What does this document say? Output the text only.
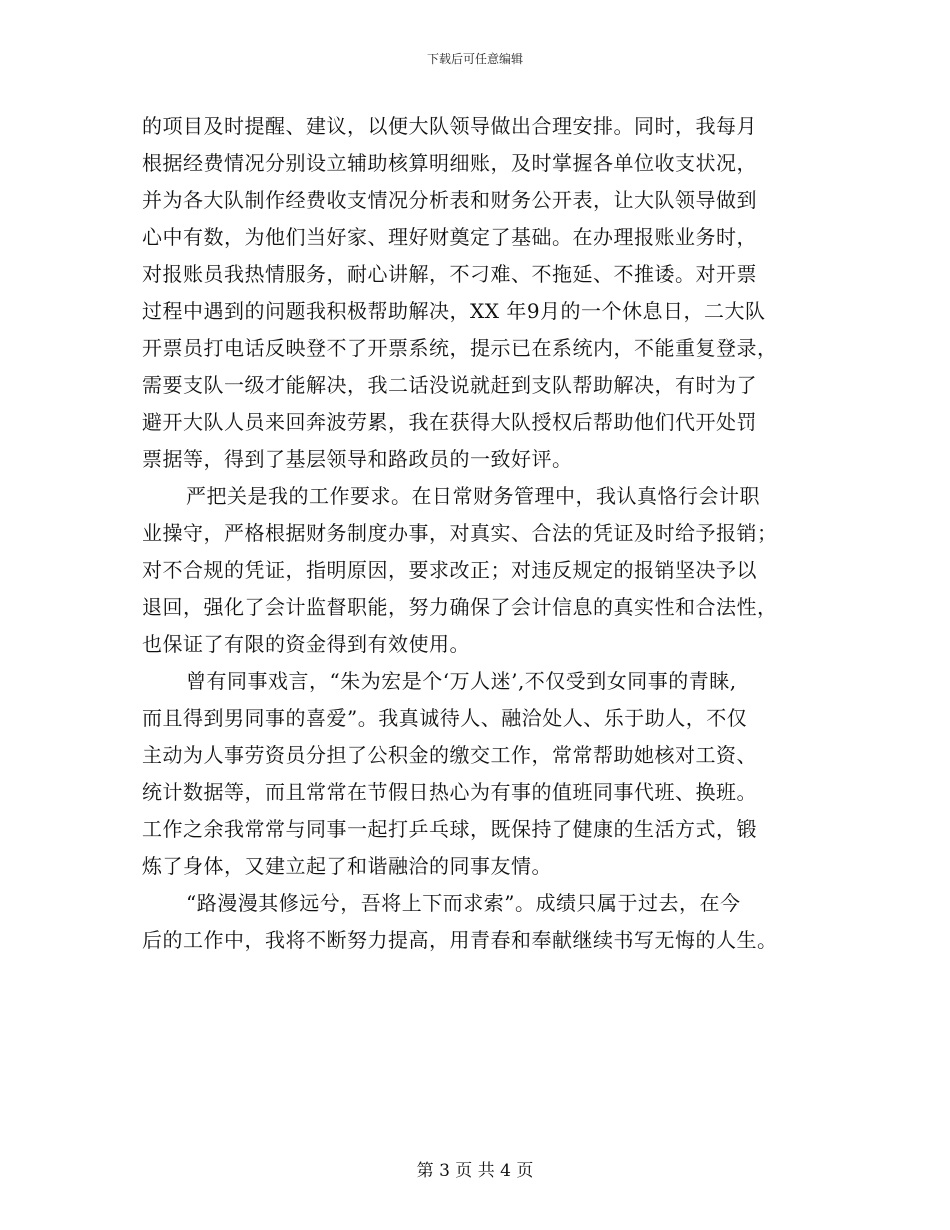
下载后可任意编辑
的项目及时提醒、建议，以便大队领导做出合理安排。同时，我每月
根据经费情况分别设立辅助核算明细账，及时掌握各单位收支状况，
并为各大队制作经费收支情况分析表和财务公开表，让大队领导做到
心中有数，为他们当好家、理好财奠定了基础。在办理报账业务时，
对报账员我热情服务，耐心讲解，不刁难、不拖延、不推诿。对开票
过程中遇到的问题我积极帮助解决，XX 年9月的一个休息日，二大队
开票员打电话反映登不了开票系统，提示已在系统内，不能重复登录，
需要支队一级才能解决，我二话没说就赶到支队帮助解决，有时为了
避开大队人员来回奔波劳累，我在获得大队授权后帮助他们代开处罚
票据等，得到了基层领导和路政员的一致好评。
严把关是我的工作要求。在日常财务管理中，我认真恪行会计职
业操守，严格根据财务制度办事，对真实、合法的凭证及时给予报销；
对不合规的凭证，指明原因，要求改正；对违反规定的报销坚决予以
退回，强化了会计监督职能，努力确保了会计信息的真实性和合法性，
也保证了有限的资金得到有效使用。
曾有同事戏言，“朱为宏是个‘万人迷’,不仅受到女同事的青睐,
而且得到男同事的喜爱”。我真诚待人、融洽处人、乐于助人，不仅
主动为人事劳资员分担了公积金的缴交工作，常常帮助她核对工资、
统计数据等，而且常常在节假日热心为有事的值班同事代班、换班。
工作之余我常常与同事一起打乒乓球，既保持了健康的生活方式，锻
炼了身体，又建立起了和谐融洽的同事友情。
“路漫漫其修远兮，吾将上下而求索”。成绩只属于过去，在今
后的工作中，我将不断努力提高，用青春和奉献继续书写无悔的人生。
第 3 页 共 4 页
